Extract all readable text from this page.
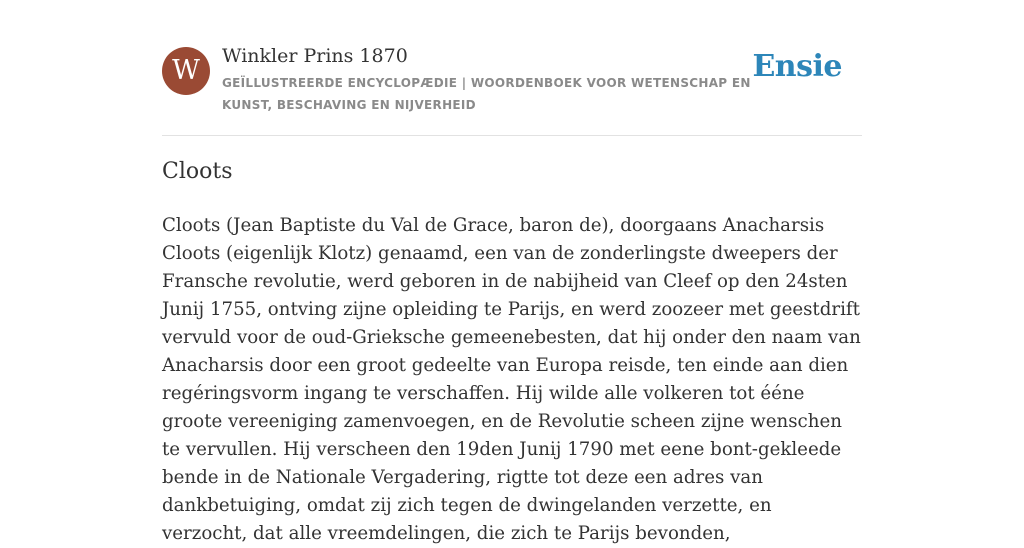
W	Winkler Prins 1870
GEÏLLUSTREERDE ENCYCLOPÆDIE | WOORDENBOEK VOOR WETENSCHAP EN KUNST, BESCHAVING EN NIJVERHEID
Ensie
Cloots

Cloots (Jean Baptiste du Val de Grace, baron de), doorgaans Anacharsis Cloots (eigenlijk Klotz) genaamd, een van de zonderlingste dweepers der Fransche revolutie, werd geboren in de nabijheid van Cleef op den 24sten Junij 1755, ontving zijne opleiding te Parijs, en werd zoozeer met geestdrift vervuld voor de oud-Grieksche gemeenebesten, dat hij onder den naam van Anacharsis door een groot gedeelte van Europa reisde, ten einde aan dien regéringsvorm ingang te verschaffen. Hij wilde alle volkeren tot ééne groote vereeniging zamenvoegen, en de Revolutie scheen zijne wenschen te vervullen. Hij verscheen den 19den Junij 1790 met eene bont-gekleede bende in de Nationale Vergadering, rigtte tot deze een adres van dankbetuiging, omdat zij zich tegen de dwingelanden verzette, en verzocht, dat alle vreemdelingen, die zich te Parijs bevonden,
